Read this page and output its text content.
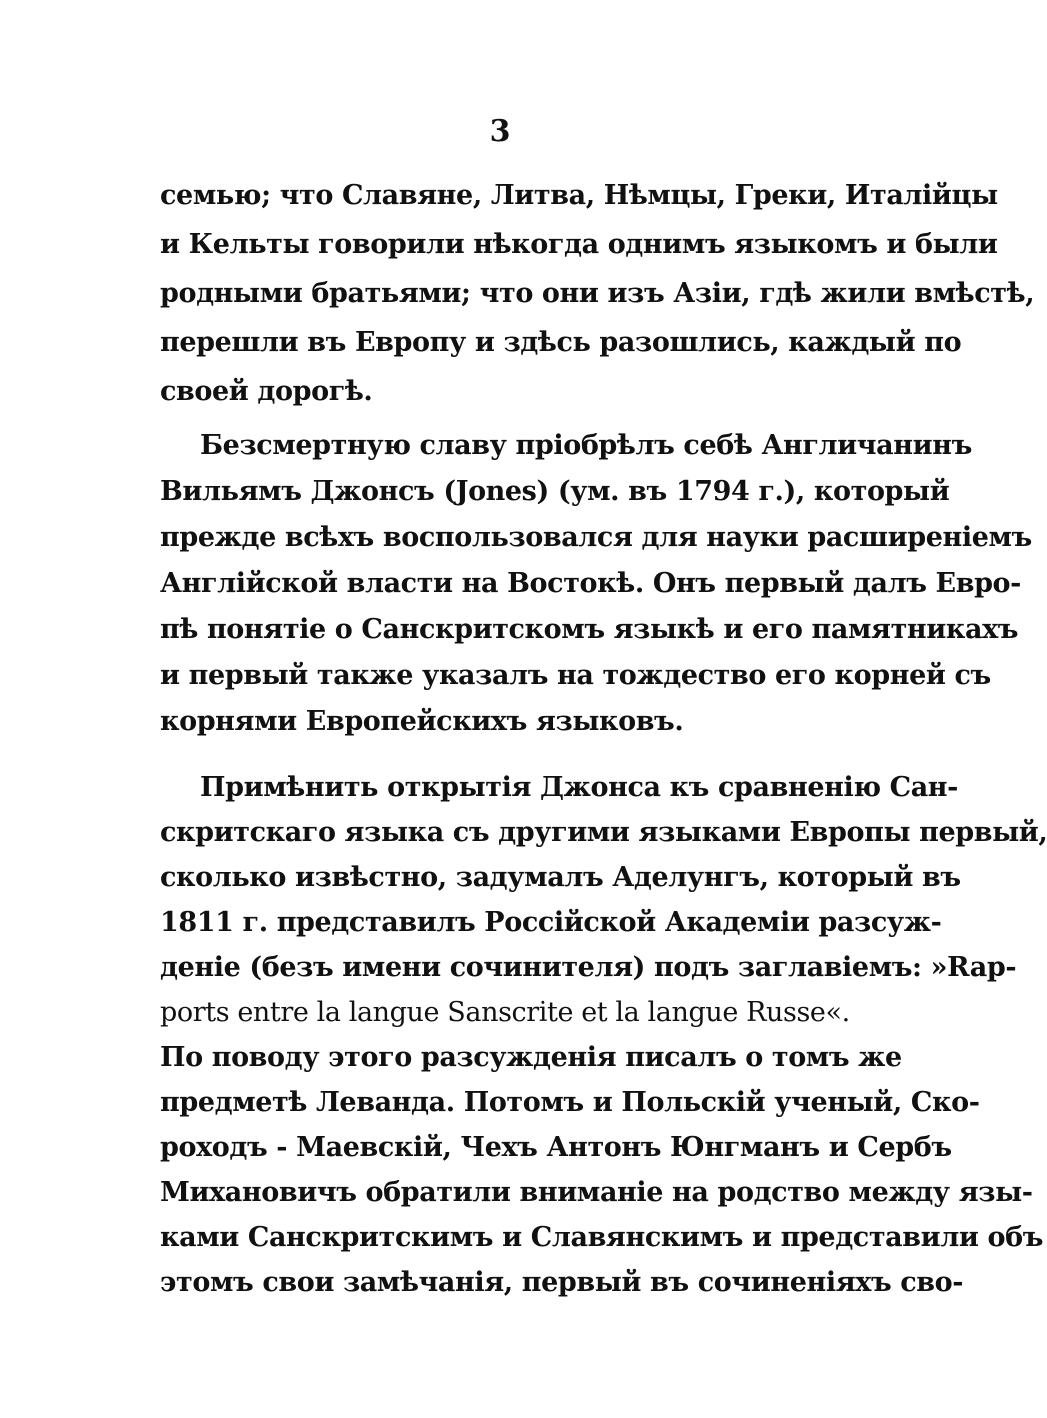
3
семью; что Славяне, Литва, Нѣмцы, Греки, Италійцы
и Кельты говорили нѣкогда однимъ языкомъ и были
родными братьями; что они изъ Азіи, гдѣ жили вмѣстѣ,
перешли въ Европу и здѣсь разошлись, каждый по
своей дорогѣ.
Безсмертную славу пріобрѣлъ себѣ Англичанинъ
Вильямъ Джонсъ (Jones) (ум. въ 1794 г.), который
прежде всѣхъ воспользовался для науки расширеніемъ
Англійской власти на Востокѣ. Онъ первый далъ Евро-
пѣ понятіе о Санскритскомъ языкѣ и его памятникахъ
и первый также указалъ на тождество его корней съ
корнями Европейскихъ языковъ.
Примѣнить открытія Джонса къ сравненію Сан-
скритскаго языка съ другими языками Европы первый,
сколько извѣстно, задумалъ Аделунгъ, который въ
1811 г. представилъ Россійской Академіи разсуж-
деніе (безъ имени сочинителя) подъ заглавіемъ: »Rap-
ports entre la langue Sanscrite et la langue Russe«.
По поводу этого разсужденія писалъ о томъ же
предметѣ Леванда. Потомъ и Польскій ученый, Ско-
роходъ - Маевскій, Чехъ Антонъ Юнгманъ и Сербъ
Михановичъ обратили вниманіе на родство между язы-
ками Санскритскимъ и Славянскимъ и представили объ
этомъ свои замѣчанія, первый въ сочиненіяхъ сво-
